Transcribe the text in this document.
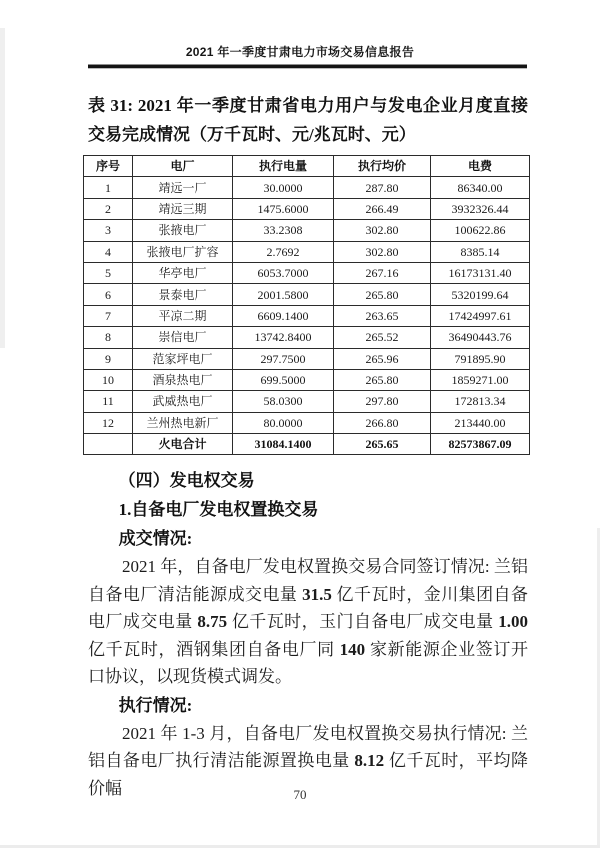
2021 年一季度甘肃电力市场交易信息报告
表 31: 2021 年一季度甘肃省电力用户与发电企业月度直接交易完成情况（万千瓦时、元/兆瓦时、元）
序号	电厂	执行电量	执行均价	电费
1	靖远一厂	30.0000	287.80	86340.00
2	靖远三期	1475.6000	266.49	3932326.44
3	张掖电厂	33.2308	302.80	100622.86
4	张掖电厂扩容	2.7692	302.80	8385.14
5	华亭电厂	6053.7000	267.16	16173131.40
6	景泰电厂	2001.5800	265.80	5320199.64
7	平凉二期	6609.1400	263.65	17424997.61
8	崇信电厂	13742.8400	265.52	36490443.76
9	范家坪电厂	297.7500	265.96	791895.90
10	酒泉热电厂	699.5000	265.80	1859271.00
11	武威热电厂	58.0300	297.80	172813.34
12	兰州热电新厂	80.0000	266.80	213440.00
	火电合计	31084.1400	265.65	82573867.09
（四）发电权交易
1.自备电厂发电权置换交易
成交情况:

2021 年，自备电厂发电权置换交易合同签订情况: 兰铝自备电厂清洁能源成交电量 31.5 亿千瓦时，金川集团自备电厂成交电量 8.75 亿千瓦时，玉门自备电厂成交电量 1.00 亿千瓦时，酒钢集团自备电厂同 140 家新能源企业签订开口协议，以现货模式调发。

执行情况:

2021 年 1-3 月，自备电厂发电权置换交易执行情况: 兰铝自备电厂执行清洁能源置换电量 8.12 亿千瓦时，平均降价幅	70
